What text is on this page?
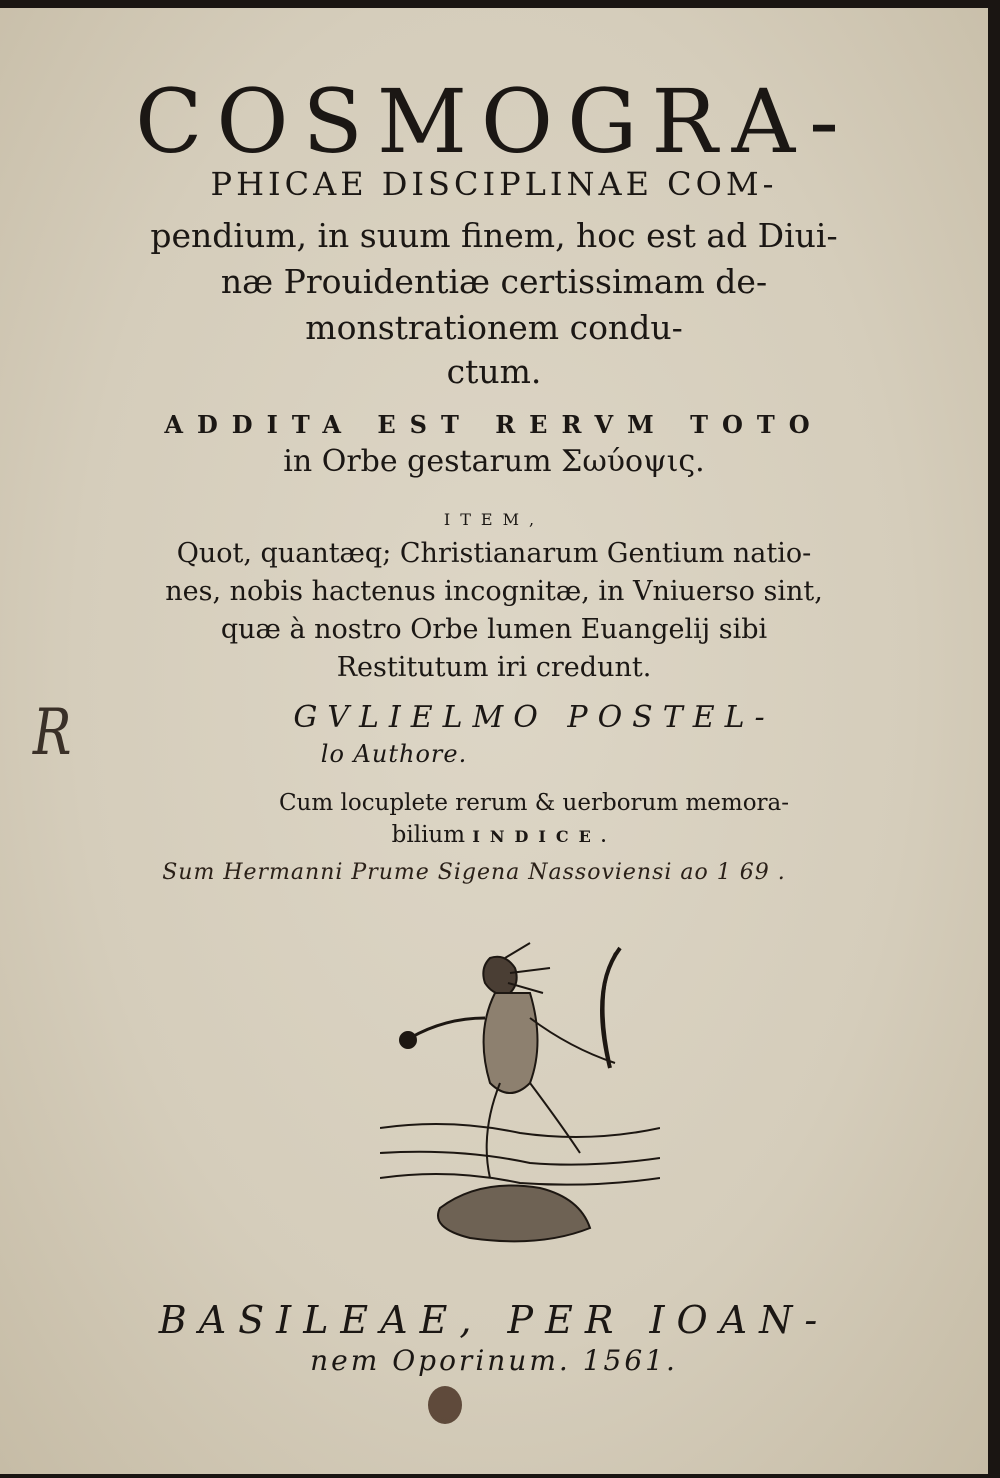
COSMOGRA-
PHICAE DISCIPLINAE COM-
pendium, in suum finem, hoc est ad Diui-
næ Prouidentiæ certissimam de-
monstrationem condu-
ctum.
ADDITA EST RERVM TOTO
in Orbe gestarum Σωύοψις.
ITEM,
Quot, quantæq; Christianarum Gentium natio-
nes, nobis hactenus incognitæ, in Vniuerso sint,
quæ à nostro Orbe lumen Euangelij sibi
Restitutum iri credunt.
GVLIELMO POSTEL-
lo Authore.
Cum locuplete rerum & uerborum memora-
bilium INDICE.
Sum Hermanni Prume Sigena Nassoviensi ao 1 69 .
R
BASILEAE, PER IOAN-
nem Oporinum. 1561.
